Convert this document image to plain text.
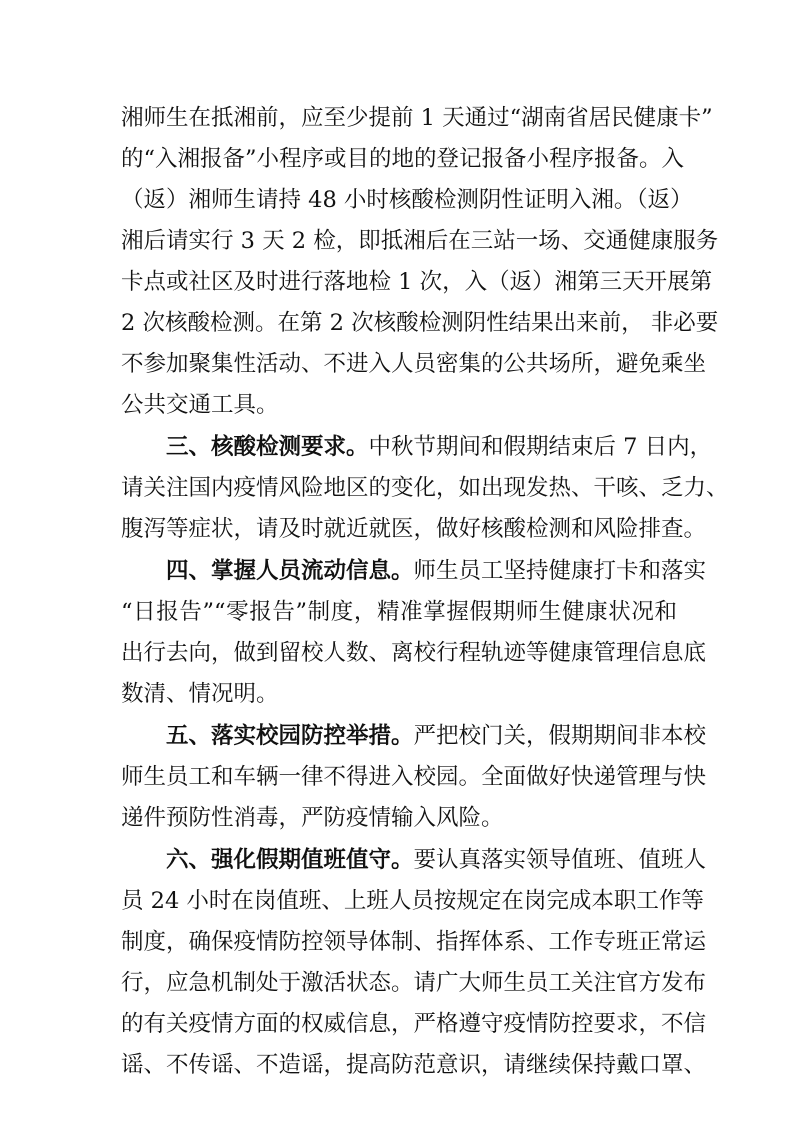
湘师生在抵湘前，应至少提前 1 天通过“湖南省居民健康卡”
的“入湘报备”小程序或目的地的登记报备小程序报备。入
（返）湘师生请持 48 小时核酸检测阴性证明入湘。（返）
湘后请实行 3 天 2 检，即抵湘后在三站一场、交通健康服务
卡点或社区及时进行落地检 1 次，入（返）湘第三天开展第
2 次核酸检测。在第 2 次核酸检测阴性结果出来前， 非必要
不参加聚集性活动、不进入人员密集的公共场所，避免乘坐
公共交通工具。
三、核酸检测要求。中秋节期间和假期结束后 7 日内，
请关注国内疫情风险地区的变化，如出现发热、干咳、乏力、
腹泻等症状，请及时就近就医，做好核酸检测和风险排查。
四、掌握人员流动信息。师生员工坚持健康打卡和落实
“日报告”“零报告”制度，精准掌握假期师生健康状况和
出行去向，做到留校人数、离校行程轨迹等健康管理信息底
数清、情况明。
五、落实校园防控举措。严把校门关，假期期间非本校
师生员工和车辆一律不得进入校园。全面做好快递管理与快
递件预防性消毒，严防疫情输入风险。
六、强化假期值班值守。要认真落实领导值班、值班人
员 24 小时在岗值班、上班人员按规定在岗完成本职工作等
制度，确保疫情防控领导体制、指挥体系、工作专班正常运
行，应急机制处于激活状态。请广大师生员工关注官方发布
的有关疫情方面的权威信息，严格遵守疫情防控要求，不信
谣、不传谣、不造谣，提高防范意识，请继续保持戴口罩、
